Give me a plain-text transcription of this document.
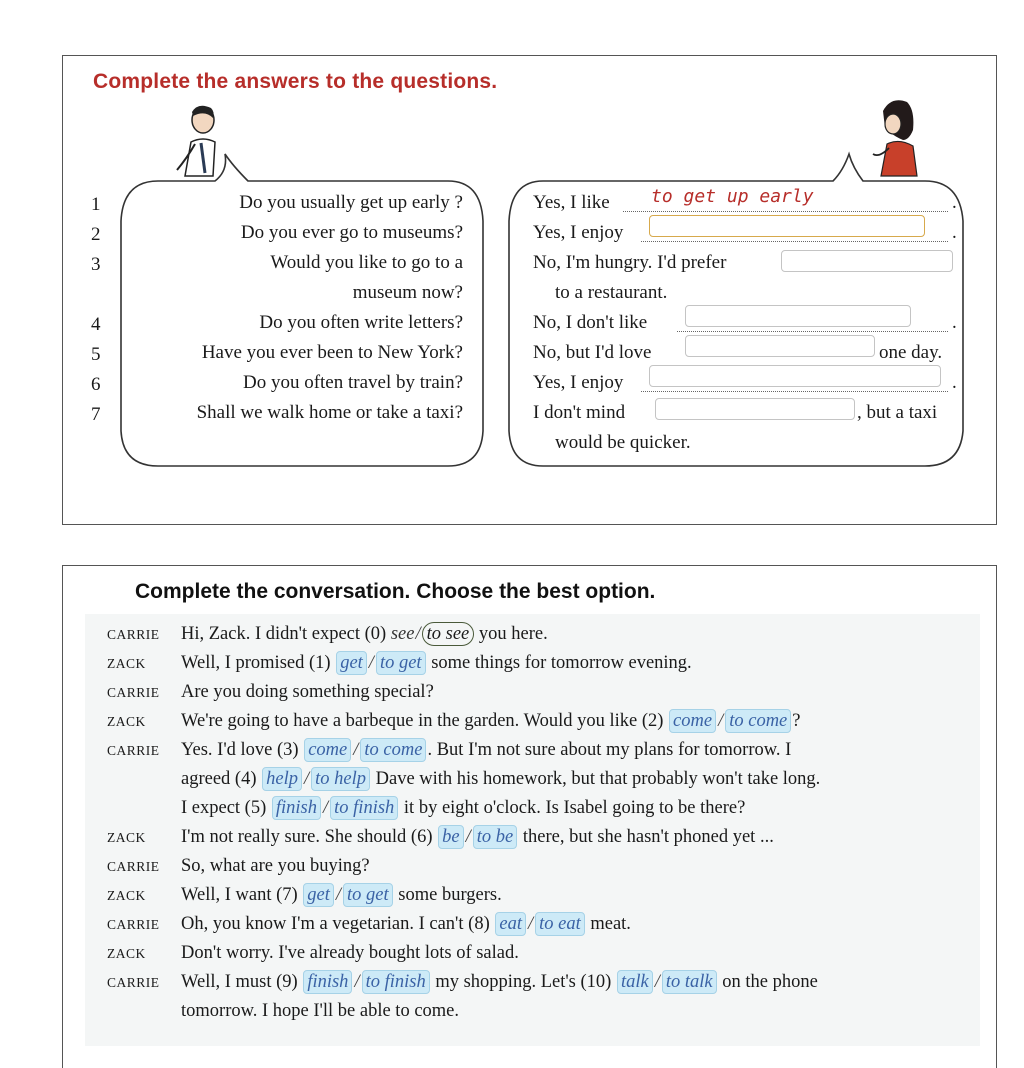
Complete the answers to the questions.
1	Do you usually get up early ?
2	Do you ever go to museums?
3	Would you like to go to a
museum now?
4	Do you often write letters?
5	Have you ever been to New York?
6	Do you often travel by train?
7	Shall we walk home or take a taxi?
Yes, I like to get up early	.
Yes, I enjoy	.
No, I'm hungry. I'd prefer
to a restaurant.
No, I don't like	.
No, but I'd love	one day.
Yes, I enjoy	.
I don't mind	, but a taxi
would be quicker.
Complete the conversation. Choose the best option.
CARRIE Hi, Zack. I didn't expect (0) see/ to see you here.
ZACK Well, I promised (1) get / to get some things for tomorrow evening.
CARRIE Are you doing something special?
ZACK We're going to have a barbeque in the garden. Would you like (2) come / to come ?
CARRIE Yes. I'd love (3) come / to come . But I'm not sure about my plans for tomorrow. I
agreed (4) help / to help Dave with his homework, but that probably won't take long.
I expect (5) finish / to finish it by eight o'clock. Is Isabel going to be there?
ZACK I'm not really sure. She should (6) be / to be there, but she hasn't phoned yet ...
CARRIE So, what are you buying?
ZACK Well, I want (7) get / to get some burgers.
CARRIE Oh, you know I'm a vegetarian. I can't (8) eat / to eat meat.
ZACK Don't worry. I've already bought lots of salad.
CARRIE Well, I must (9) finish / to finish my shopping. Let's (10) talk / to talk on the phone
tomorrow. I hope I'll be able to come.
